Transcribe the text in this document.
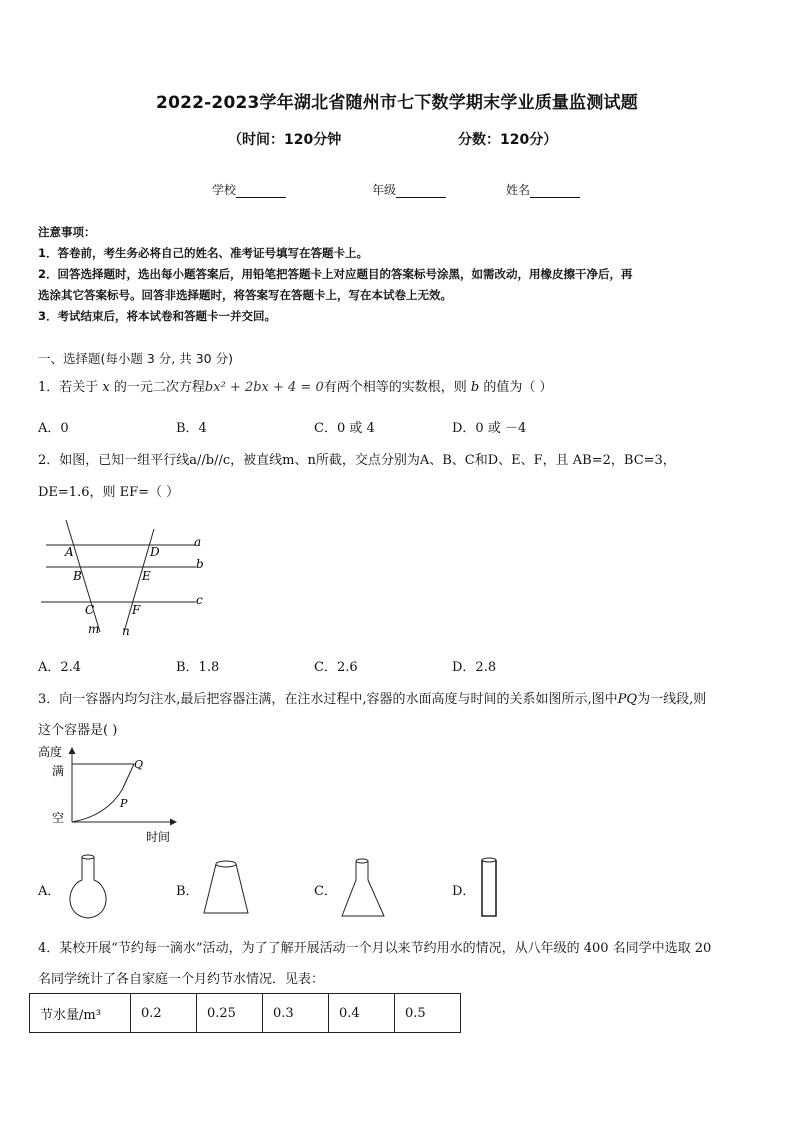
2022-2023学年湖北省随州市七下数学期末学业质量监测试题
（时间：120分钟	分数：120分）
学校	年级	姓名
注意事项：
1．答卷前，考生务必将自己的姓名、准考证号填写在答题卡上。
2．回答选择题时，选出每小题答案后，用铅笔把答题卡上对应题目的答案标号涂黑，如需改动，用橡皮擦干净后，再
选涂其它答案标号。回答非选择题时，将答案写在答题卡上，写在本试卷上无效。
3．考试结束后，将本试卷和答题卡一并交回。
一、选择题(每小题 3 分, 共 30 分)
1．若关于 x 的一元二次方程bx² + 2bx + 4 = 0有两个相等的实数根，则 b 的值为（ ）
A．0	B．4	C．0 或 4	D．0 或 －4
2．如图，已知一组平行线a//b//c，被直线m、n所截，交点分别为A、B、C和D、E、F，且 AB=2，BC=3，
DE=1.6，则 EF=（ ）
A
B
C
D
E
F
a
b
c
m n
A．2.4	B．1.8	C．2.6	D．2.8
3．向一容器内均匀注水,最后把容器注满，在注水过程中,容器的水面高度与时间的关系如图所示,图中PQ为一线段,则
这个容器是( )
高度
满
空
时间
P
Q
A．	B．	C．	D．
4．某校开展“节约每一滴水”活动，为了了解开展活动一个月以来节约用水的情况，从八年级的 400 名同学中选取 20
名同学统计了各自家庭一个月约节水情况．见表：
节水量/m³	0.2	0.25	0.3	0.4	0.5
